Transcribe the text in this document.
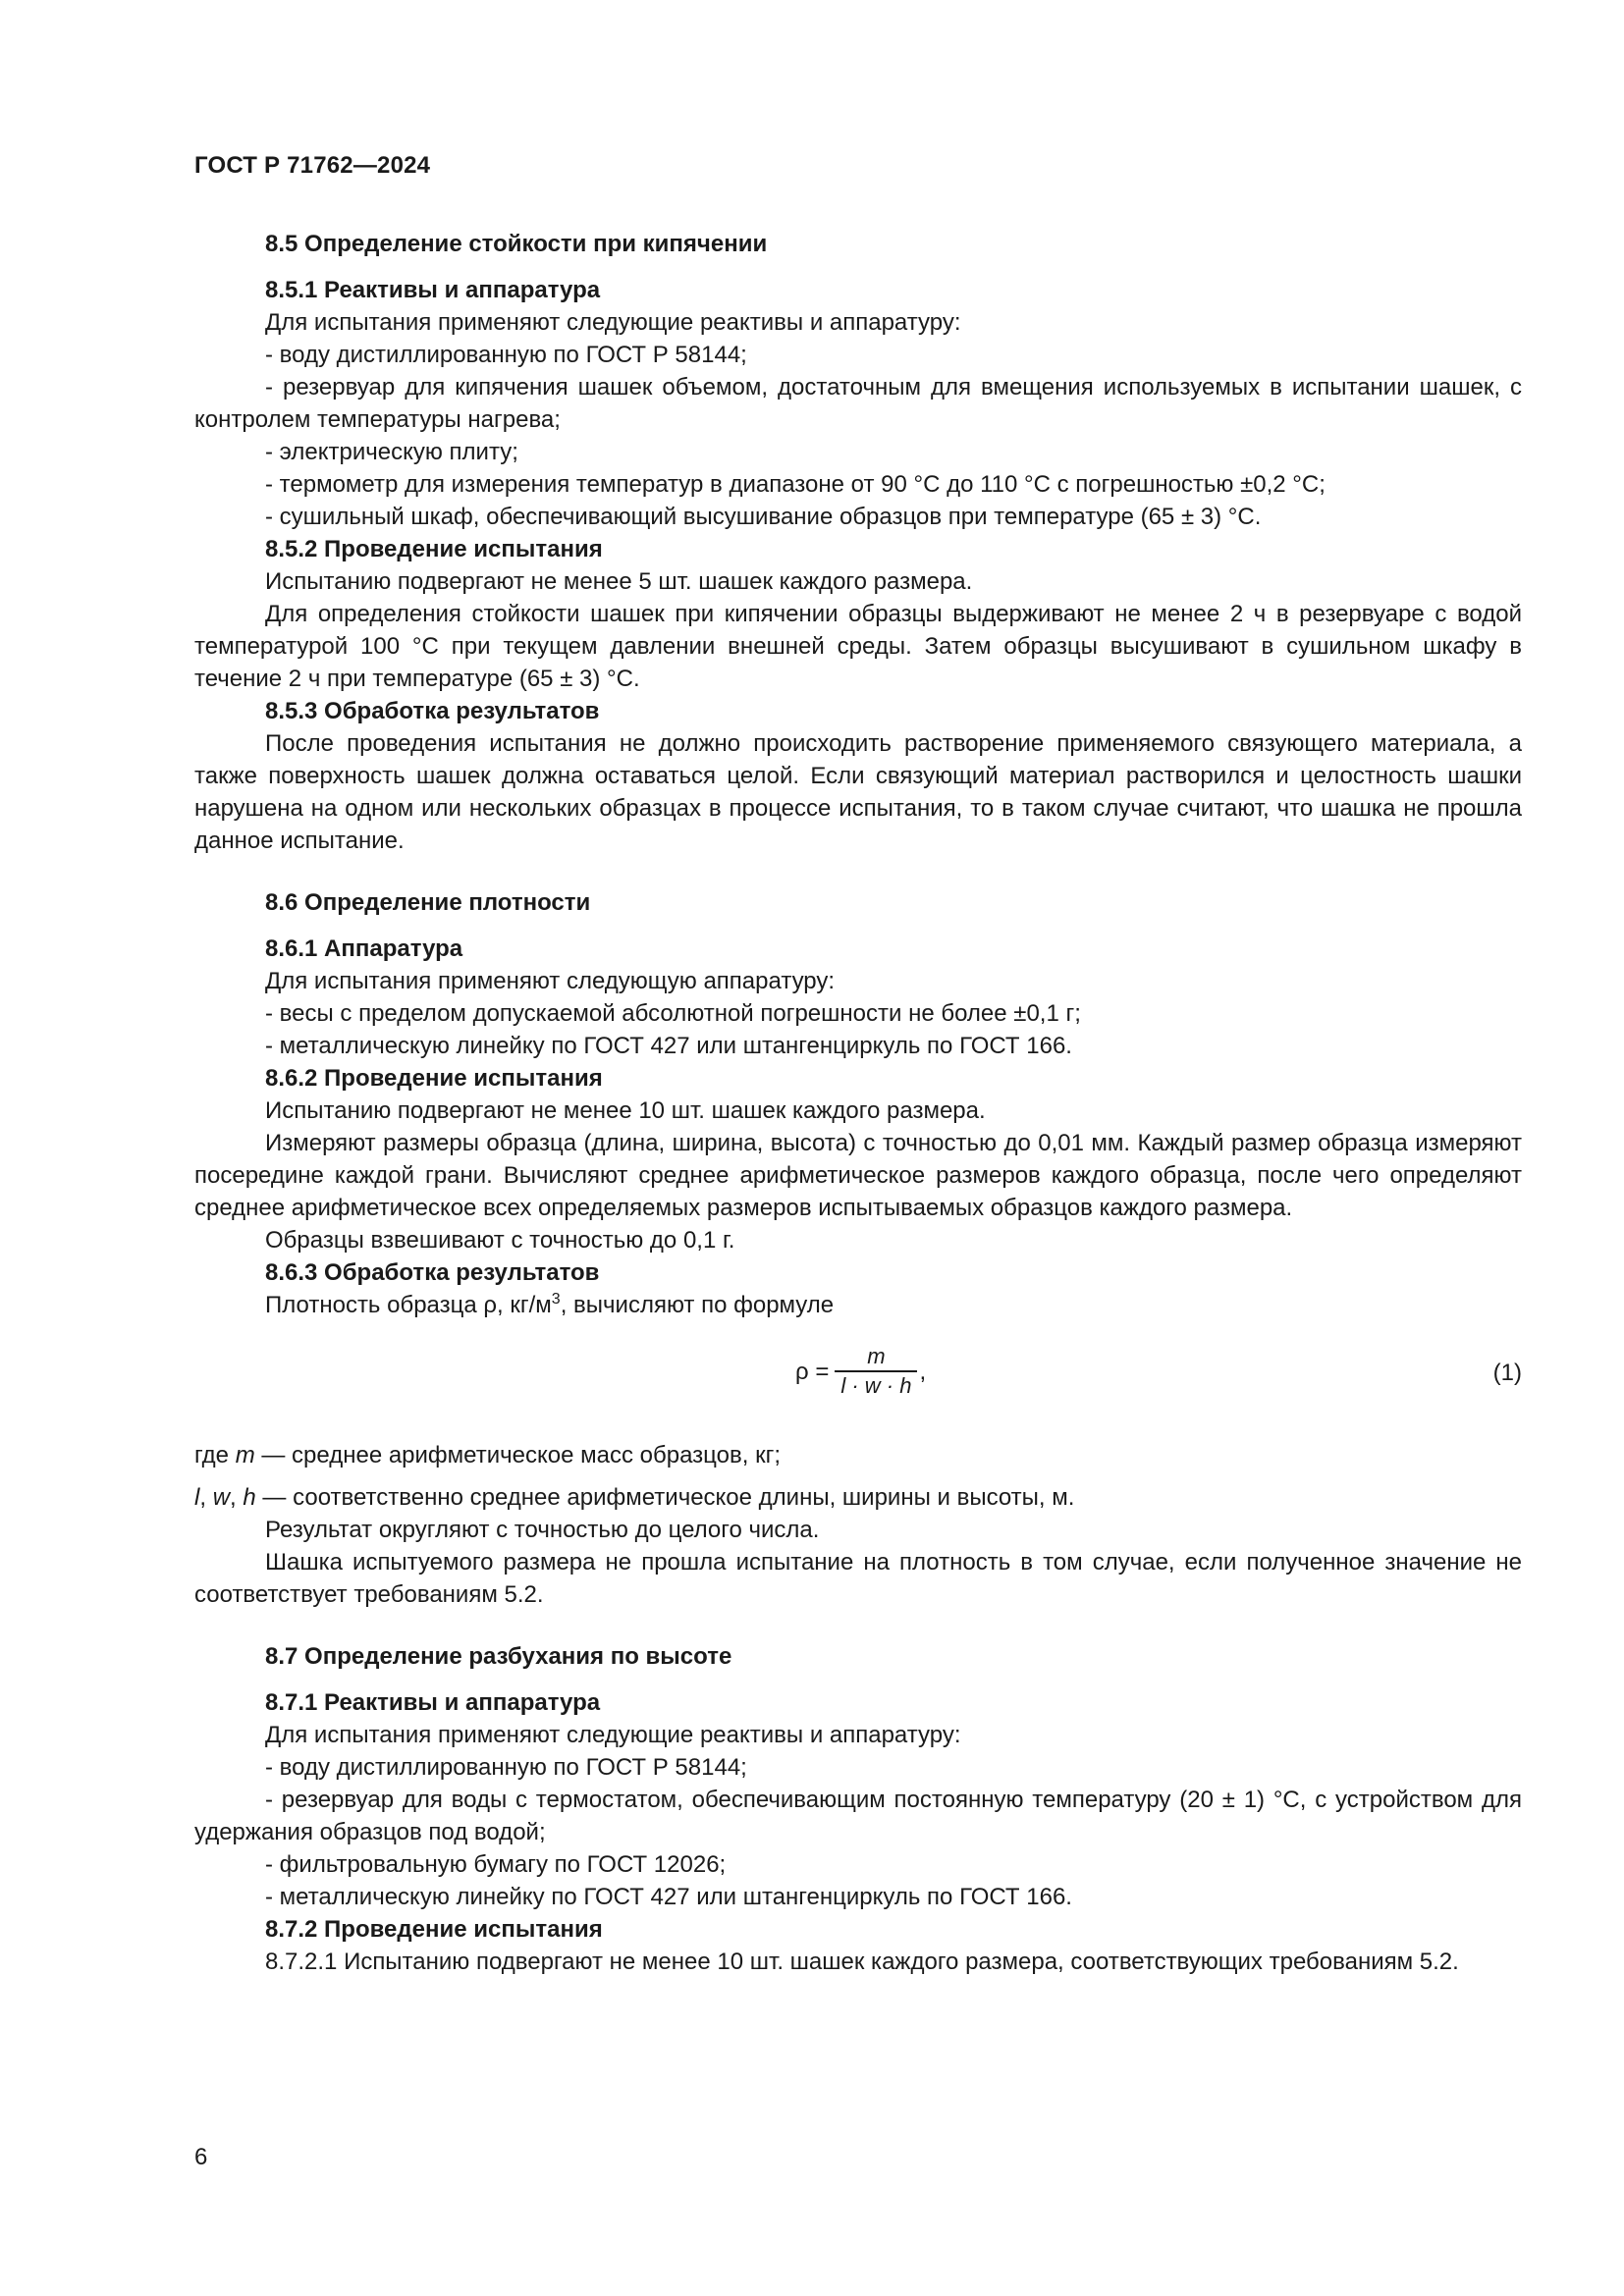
ГОСТ Р 71762—2024
8.5 Определение стойкости при кипячении
8.5.1 Реактивы и аппаратура

Для испытания применяют следующие реактивы и аппаратуру:

- воду дистиллированную по ГОСТ Р 58144;

- резервуар для кипячения шашек объемом, достаточным для вмещения используемых в испытании шашек, с контролем температуры нагрева;

- электрическую плиту;

- термометр для измерения температур в диапазоне от 90 °С до 110 °С с погрешностью ±0,2 °С;

- сушильный шкаф, обеспечивающий высушивание образцов при температуре (65 ± 3) °С.

8.5.2 Проведение испытания

Испытанию подвергают не менее 5 шт. шашек каждого размера.

Для определения стойкости шашек при кипячении образцы выдерживают не менее 2 ч в резервуаре с водой температурой 100 °С при текущем давлении внешней среды. Затем образцы высушивают в сушильном шкафу в течение 2 ч при температуре (65 ± 3) °С.

8.5.3 Обработка результатов

После проведения испытания не должно происходить растворение применяемого связующего материала, а также поверхность шашек должна оставаться целой. Если связующий материал растворился и целостность шашки нарушена на одном или нескольких образцах в процессе испытания, то в таком случае считают, что шашка не прошла данное испытание.

8.6 Определение плотности
8.6.1 Аппаратура

Для испытания применяют следующую аппаратуру:

- весы с пределом допускаемой абсолютной погрешности не более ±0,1 г;

- металлическую линейку по ГОСТ 427 или штангенциркуль по ГОСТ 166.

8.6.2 Проведение испытания

Испытанию подвергают не менее 10 шт. шашек каждого размера.

Измеряют размеры образца (длина, ширина, высота) с точностью до 0,01 мм. Каждый размер образца измеряют посередине каждой грани. Вычисляют среднее арифметическое размеров каждого образца, после чего определяют среднее арифметическое всех определяемых размеров испытываемых образцов каждого размера.

Образцы взвешивают с точностью до 0,1 г.

8.6.3 Обработка результатов

Плотность образца ρ, $кг/м^3$, вычисляют по формуле

$\rho = \frac{m}{l \cdot w \cdot h}$ ,	(1)

где m — среднее арифметическое масс образцов, кг;

l, w, h — соответственно среднее арифметическое длины, ширины и высоты, м.

Результат округляют с точностью до целого числа.

Шашка испытуемого размера не прошла испытание на плотность в том случае, если полученное значение не соответствует требованиям 5.2.

8.7 Определение разбухания по высоте
8.7.1 Реактивы и аппаратура

Для испытания применяют следующие реактивы и аппаратуру:

- воду дистиллированную по ГОСТ Р 58144;

- резервуар для воды с термостатом, обеспечивающим постоянную температуру (20 ± 1) °С, с устройством для удержания образцов под водой;

- фильтровальную бумагу по ГОСТ 12026;

- металлическую линейку по ГОСТ 427 или штангенциркуль по ГОСТ 166.

8.7.2 Проведение испытания

8.7.2.1 Испытанию подвергают не менее 10 шт. шашек каждого размера, соответствующих требованиям 5.2.

6
